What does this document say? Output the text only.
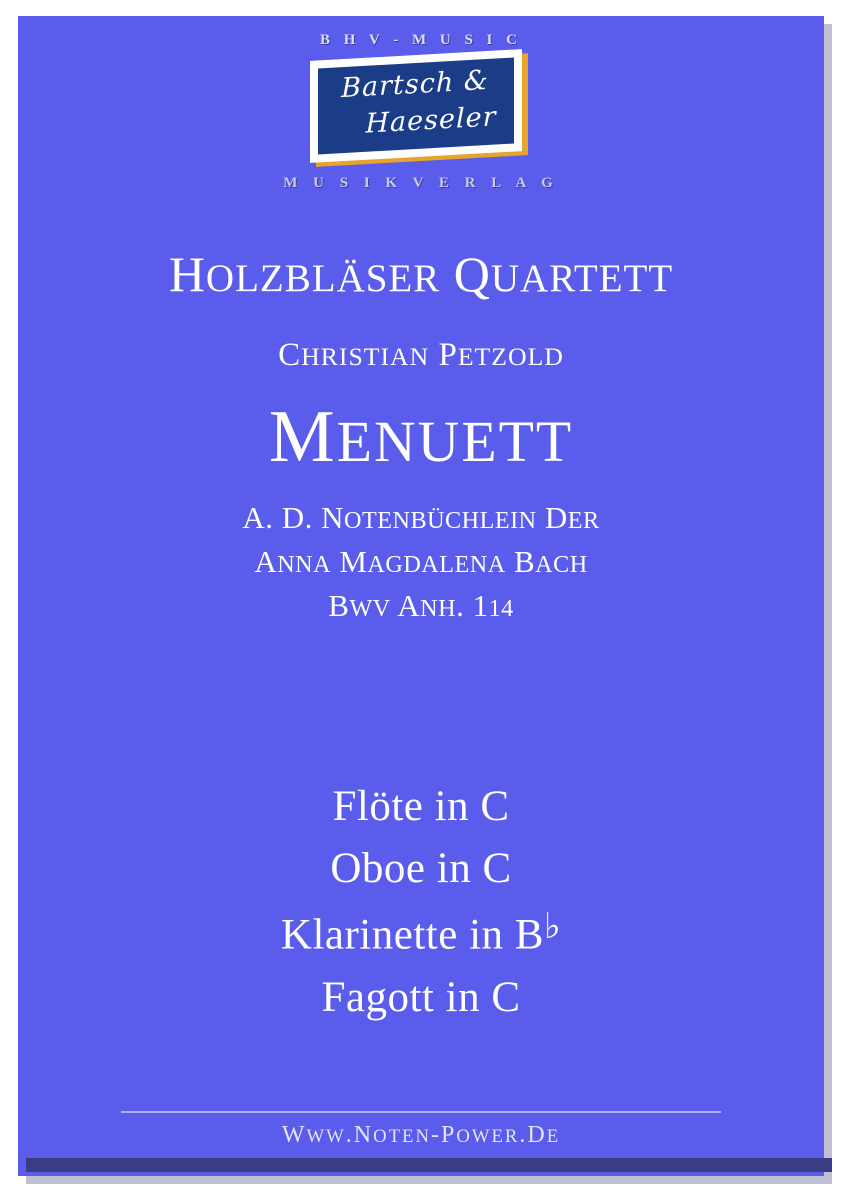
B H V - M U S I C
Bartsch &
Haeseler
M U S I K V E R L A G
HOLZBLÄSER QUARTETT
CHRISTIAN PETZOLD
MENUETT
A. D. NOTENBÜCHLEIN DER
ANNA MAGDALENA BACH
BWV ANH. 114
Flöte in C
Oboe in C
Klarinette in B♭
Fagott in C
WWW.NOTEN-POWER.DE
